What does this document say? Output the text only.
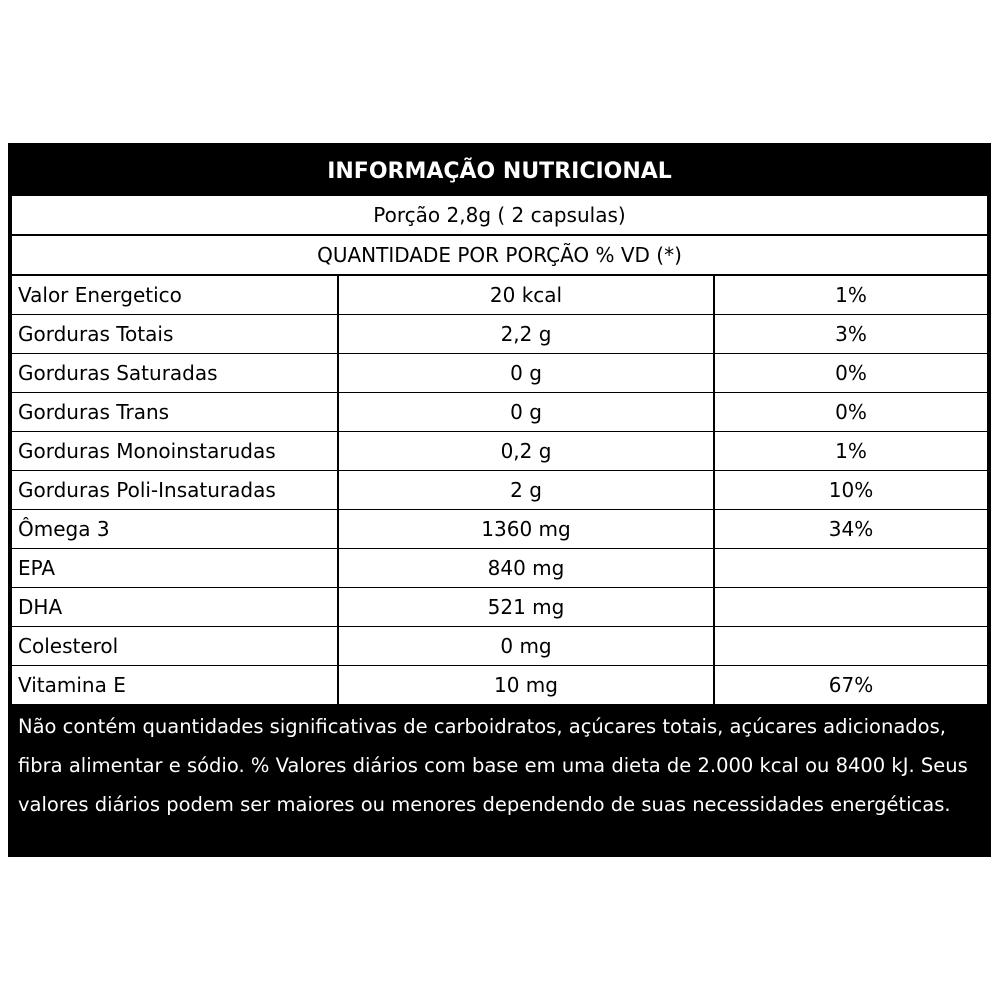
INFORMAÇÃO NUTRICIONAL
Porção 2,8g ( 2 capsulas)
QUANTIDADE POR PORÇÃO % VD (*)
Valor Energetico	20 kcal	1%
Gorduras Totais	2,2 g	3%
Gorduras Saturadas	0 g	0%
Gorduras Trans	0 g	0%
Gorduras Monoinstarudas	0,2 g	1%
Gorduras Poli-Insaturadas	2 g	10%
Ômega 3	1360 mg	34%
EPA	840 mg	
DHA	521 mg	
Colesterol	0 mg	
Vitamina E	10 mg	67%
Não contém quantidades significativas de carboidratos, açúcares totais, açúcares adicionados, fibra alimentar e sódio. % Valores diários com base em uma dieta de 2.000 kcal ou 8400 kJ. Seus valores diários podem ser maiores ou menores dependendo de suas necessidades energéticas.
